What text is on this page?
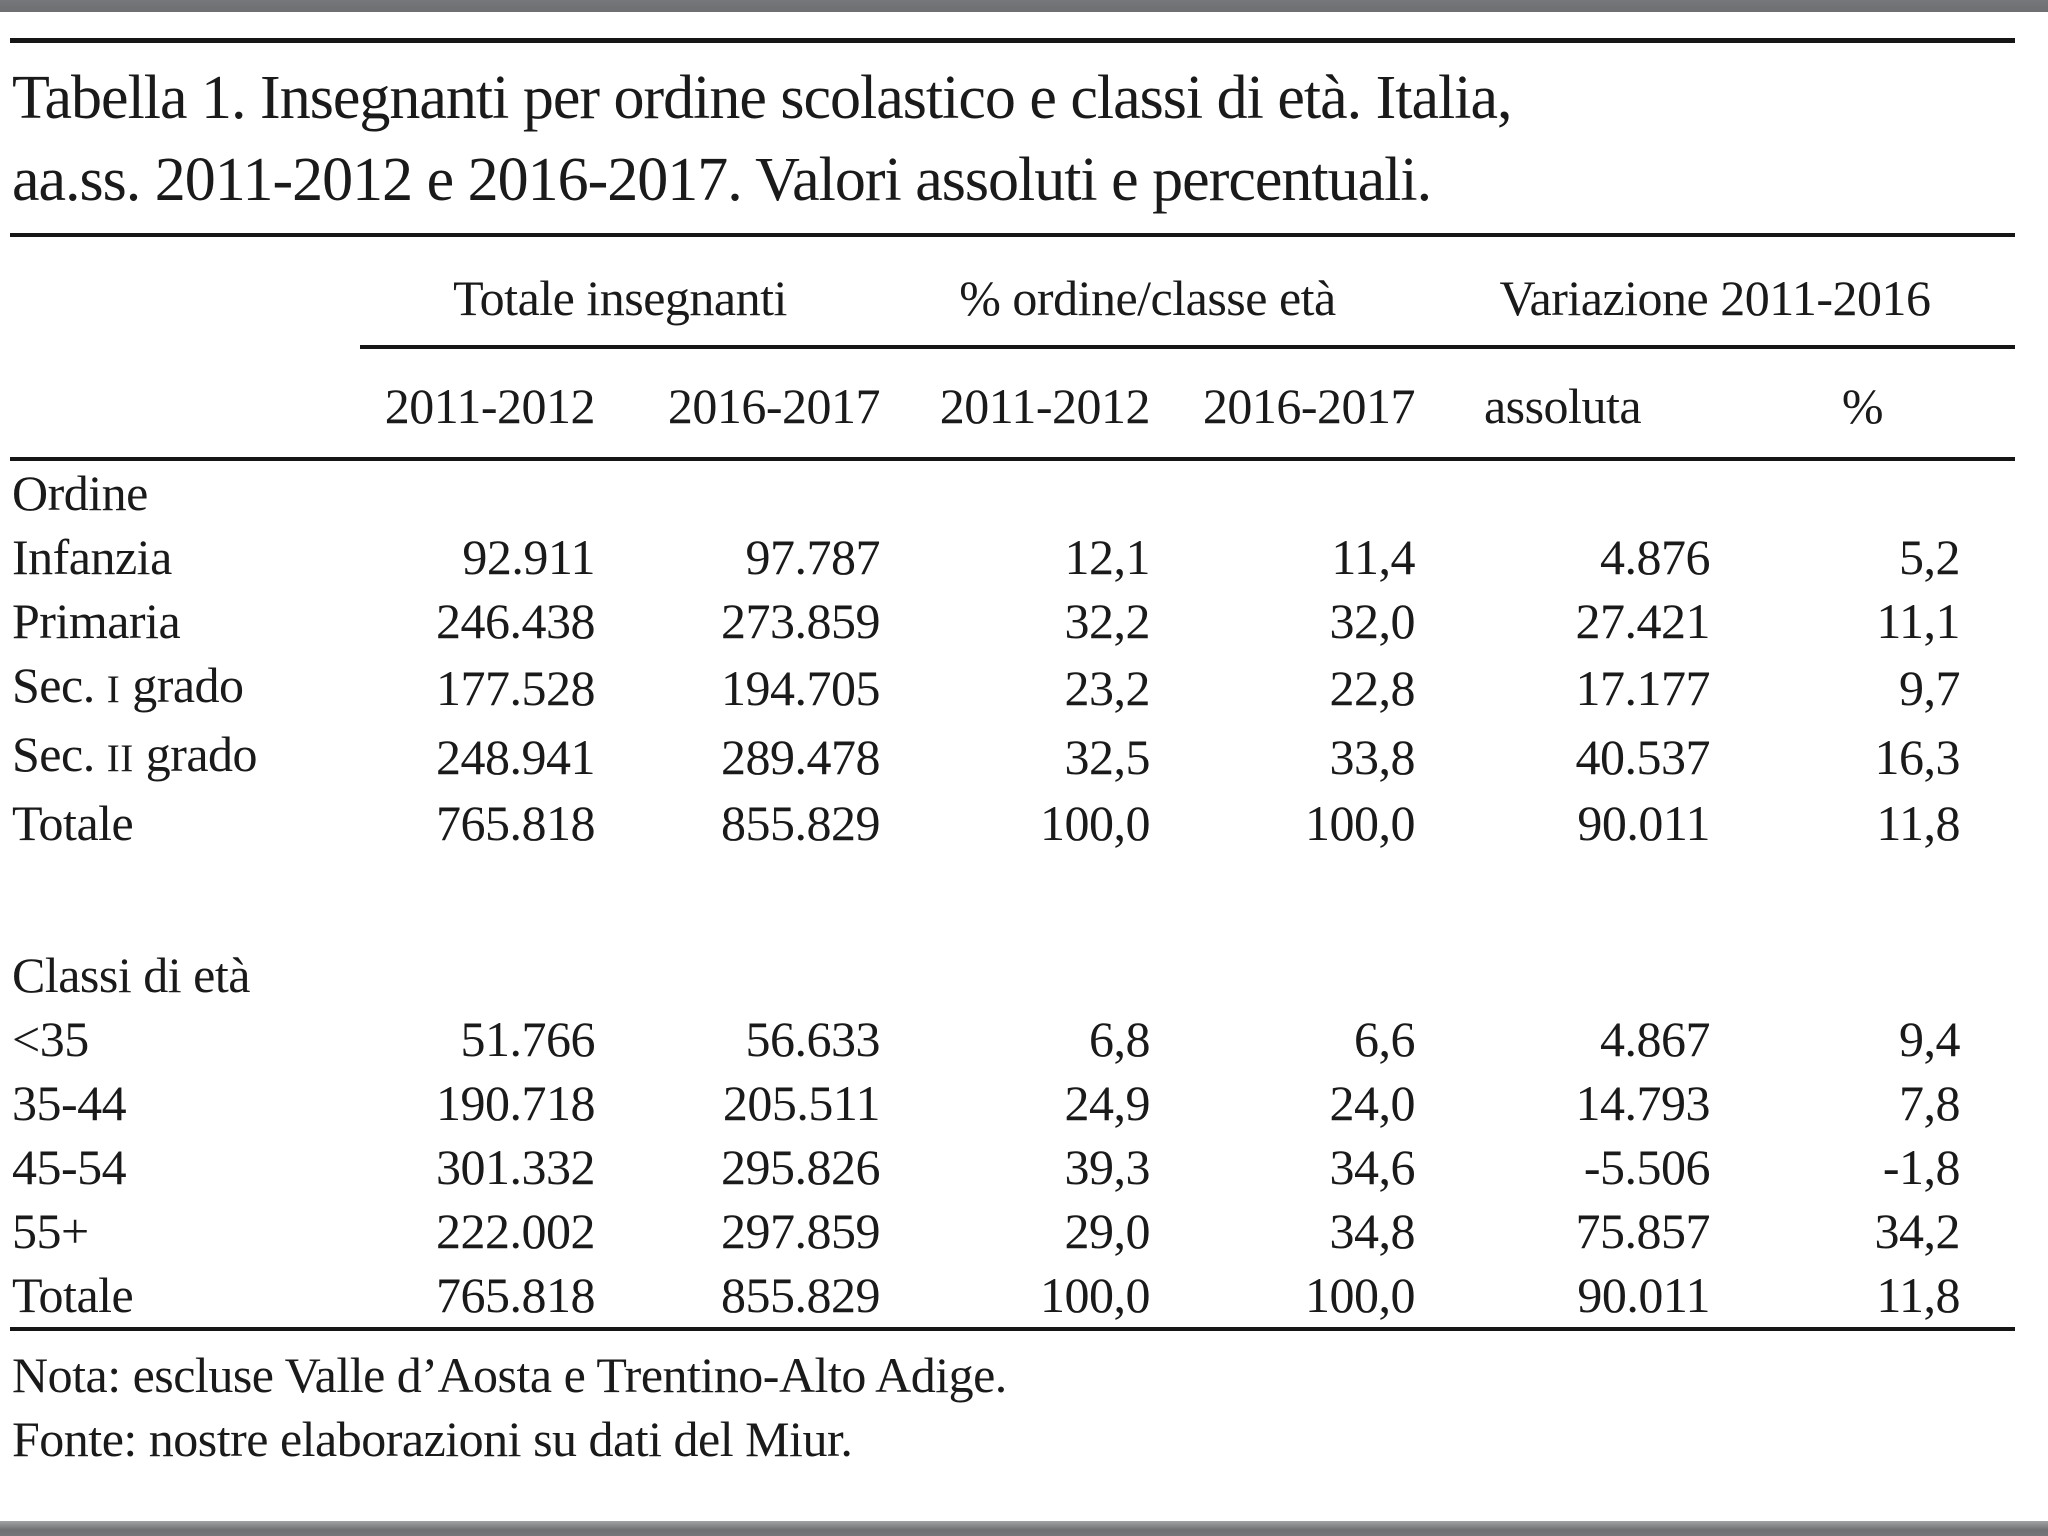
Tabella 1. Insegnanti per ordine scolastico e classi di età. Italia,
aa.ss. 2011-2012 e 2016-2017. Valori assoluti e percentuali.
	Totale insegnanti		% ordine/classe età		Variazione 2011-2016	
	2011-2012	2016-2017	2011-2012	2016-2017	assoluta	%
Ordine						
Infanzia	92.911	97.787	12,1	11,4	4.876	5,2
Primaria	246.438	273.859	32,2	32,0	27.421	11,1
Sec. I grado	177.528	194.705	23,2	22,8	17.177	9,7
Sec. II grado	248.941	289.478	32,5	33,8	40.537	16,3
Totale	765.818	855.829	100,0	100,0	90.011	11,8

Classi di età						
<35	51.766	56.633	6,8	6,6	4.867	9,4
35-44	190.718	205.511	24,9	24,0	14.793	7,8
45-54	301.332	295.826	39,3	34,6	-5.506	-1,8
55+	222.002	297.859	29,0	34,8	75.857	34,2
Totale	765.818	855.829	100,0	100,0	90.011	11,8
Nota: escluse Valle d’Aosta e Trentino-Alto Adige.
Fonte: nostre elaborazioni su dati del Miur.
